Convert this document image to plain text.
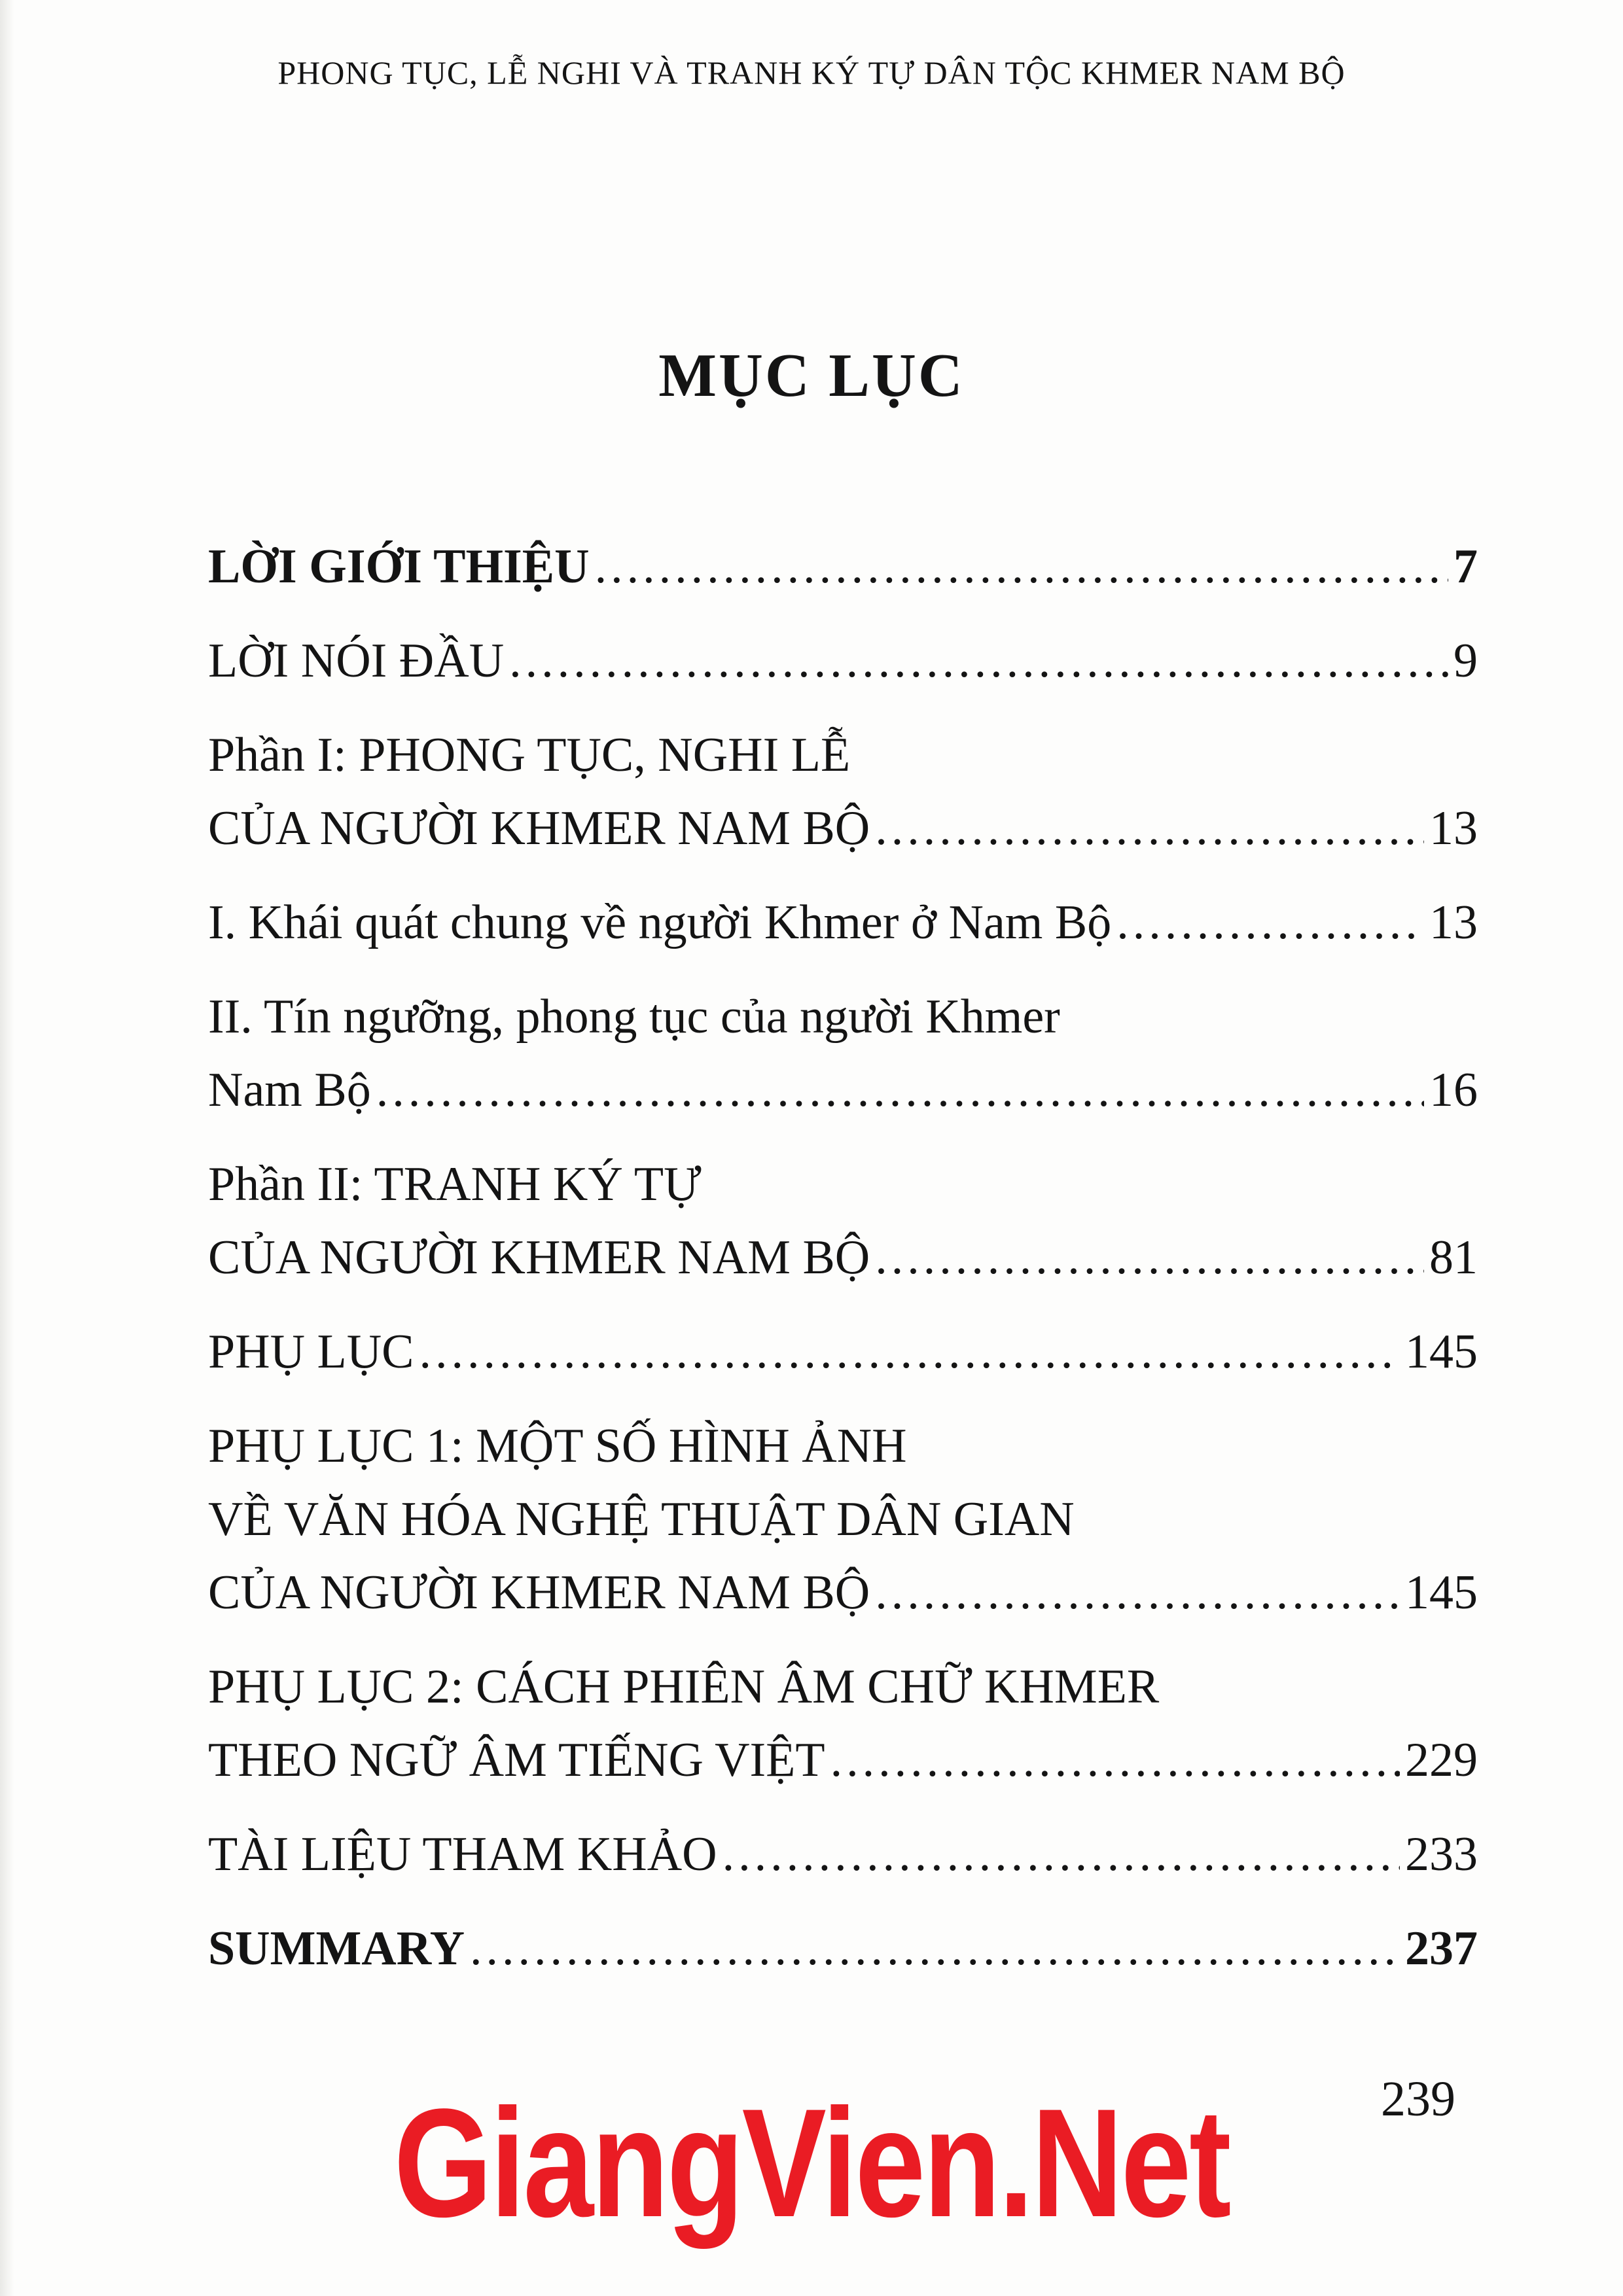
PHONG TỤC, LỄ NGHI VÀ TRANH KÝ TỰ DÂN TỘC KHMER NAM BỘ
MỤC LỤC
LỜI GIỚI THIỆU .....	7
LỜI NÓI ĐẦU .....	9
Phần I: PHONG TỤC, NGHI LỄ
CỦA NGƯỜI KHMER NAM BỘ .....	13
I. Khái quát chung về người Khmer ở Nam Bộ .....	13
II. Tín ngưỡng, phong tục của người Khmer
Nam Bộ .....	16
Phần II: TRANH KÝ TỰ
CỦA NGƯỜI KHMER NAM BỘ .....	81
PHỤ LỤC .....	145
PHỤ LỤC 1: MỘT SỐ HÌNH ẢNH
VỀ VĂN HÓA NGHỆ THUẬT DÂN GIAN
CỦA NGƯỜI KHMER NAM BỘ .....	145
PHỤ LỤC 2: CÁCH PHIÊN ÂM CHỮ KHMER
THEO NGỮ ÂM TIẾNG VIỆT .....	229
TÀI LIỆU THAM KHẢO .....	233
SUMMARY .....	237
239
GiangVien.Net
